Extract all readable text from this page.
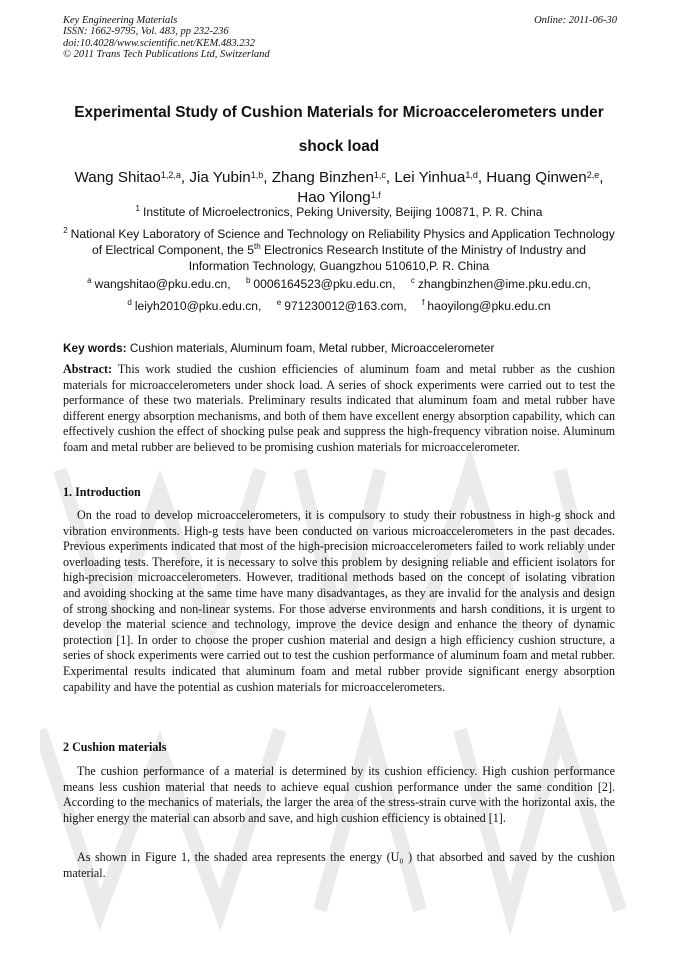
Key Engineering Materials
ISSN: 1662-9795, Vol. 483, pp 232-236
doi:10.4028/www.scientific.net/KEM.483.232
© 2011 Trans Tech Publications Ltd, Switzerland
Online: 2011-06-30
Experimental Study of Cushion Materials for Microaccelerometers under
shock load
Wang Shitao$^{1,2,a}$, Jia Yubin$^{1,b}$, Zhang Binzhen$^{1,c}$, Lei Yinhua$^{1,d}$, Huang Qinwen$^{2,e}$, Hao Yilong$^{1,f}$
$^1$ Institute of Microelectronics, Peking University, Beijing 100871, P. R. China
$^2$ National Key Laboratory of Science and Technology on Reliability Physics and Application Technology of Electrical Component, the 5th Electronics Research Institute of the Ministry of Industry and Information Technology, Guangzhou 510610,P. R. China
$^a$ wangshitao@pku.edu.cn, $^b$ 0006164523@pku.edu.cn, $^c$ zhangbinzhen@ime.pku.edu.cn,
$^d$ leiyh2010@pku.edu.cn, $^e$ 971230012@163.com, $^f$ haoyilong@pku.edu.cn
Key words: Cushion materials, Aluminum foam, Metal rubber, Microaccelerometer
Abstract: This work studied the cushion efficiencies of aluminum foam and metal rubber as the cushion materials for microaccelerometers under shock load. A series of shock experiments were carried out to test the performance of these two materials. Preliminary results indicated that aluminum foam and metal rubber have different energy absorption mechanisms, and both of them have excellent energy absorption capability, which can effectively cushion the effect of shocking pulse peak and suppress the high-frequency vibration noise. Aluminum foam and metal rubber are believed to be promising cushion materials for microaccelerometer.
1. Introduction
On the road to develop microaccelerometers, it is compulsory to study their robustness in high-g shock and vibration environments. High-g tests have been conducted on various microaccelerometers in the past decades. Previous experiments indicated that most of the high-precision microaccelerometers failed to work reliably under overloading tests. Therefore, it is necessary to solve this problem by designing reliable and efficient isolators for high-precision microaccelerometers. However, traditional methods based on the concept of isolating vibration and avoiding shocking at the same time have many disadvantages, as they are invalid for the analysis and design of strong shocking and non-linear systems. For those adverse environments and harsh conditions, it is urgent to develop the material science and technology, improve the device design and enhance the theory of dynamic protection [1]. In order to choose the proper cushion material and design a high efficiency cushion structure, a series of shock experiments were carried out to test the cushion performance of aluminum foam and metal rubber. Experimental results indicated that aluminum foam and metal rubber provide significant energy absorption capability and have the potential as cushion materials for microaccelerometers.
2 Cushion materials
The cushion performance of a material is determined by its cushion efficiency. High cushion performance means less cushion material that needs to achieve equal cushion performance under the same condition [2]. According to the mechanics of materials, the larger the area of the stress-strain curve with the horizontal axis, the higher energy the material can absorb and save, and high cushion efficiency is obtained [1].
As shown in Figure 1, the shaded area represents the energy (U₀ ) that absorbed and saved by the cushion material.
